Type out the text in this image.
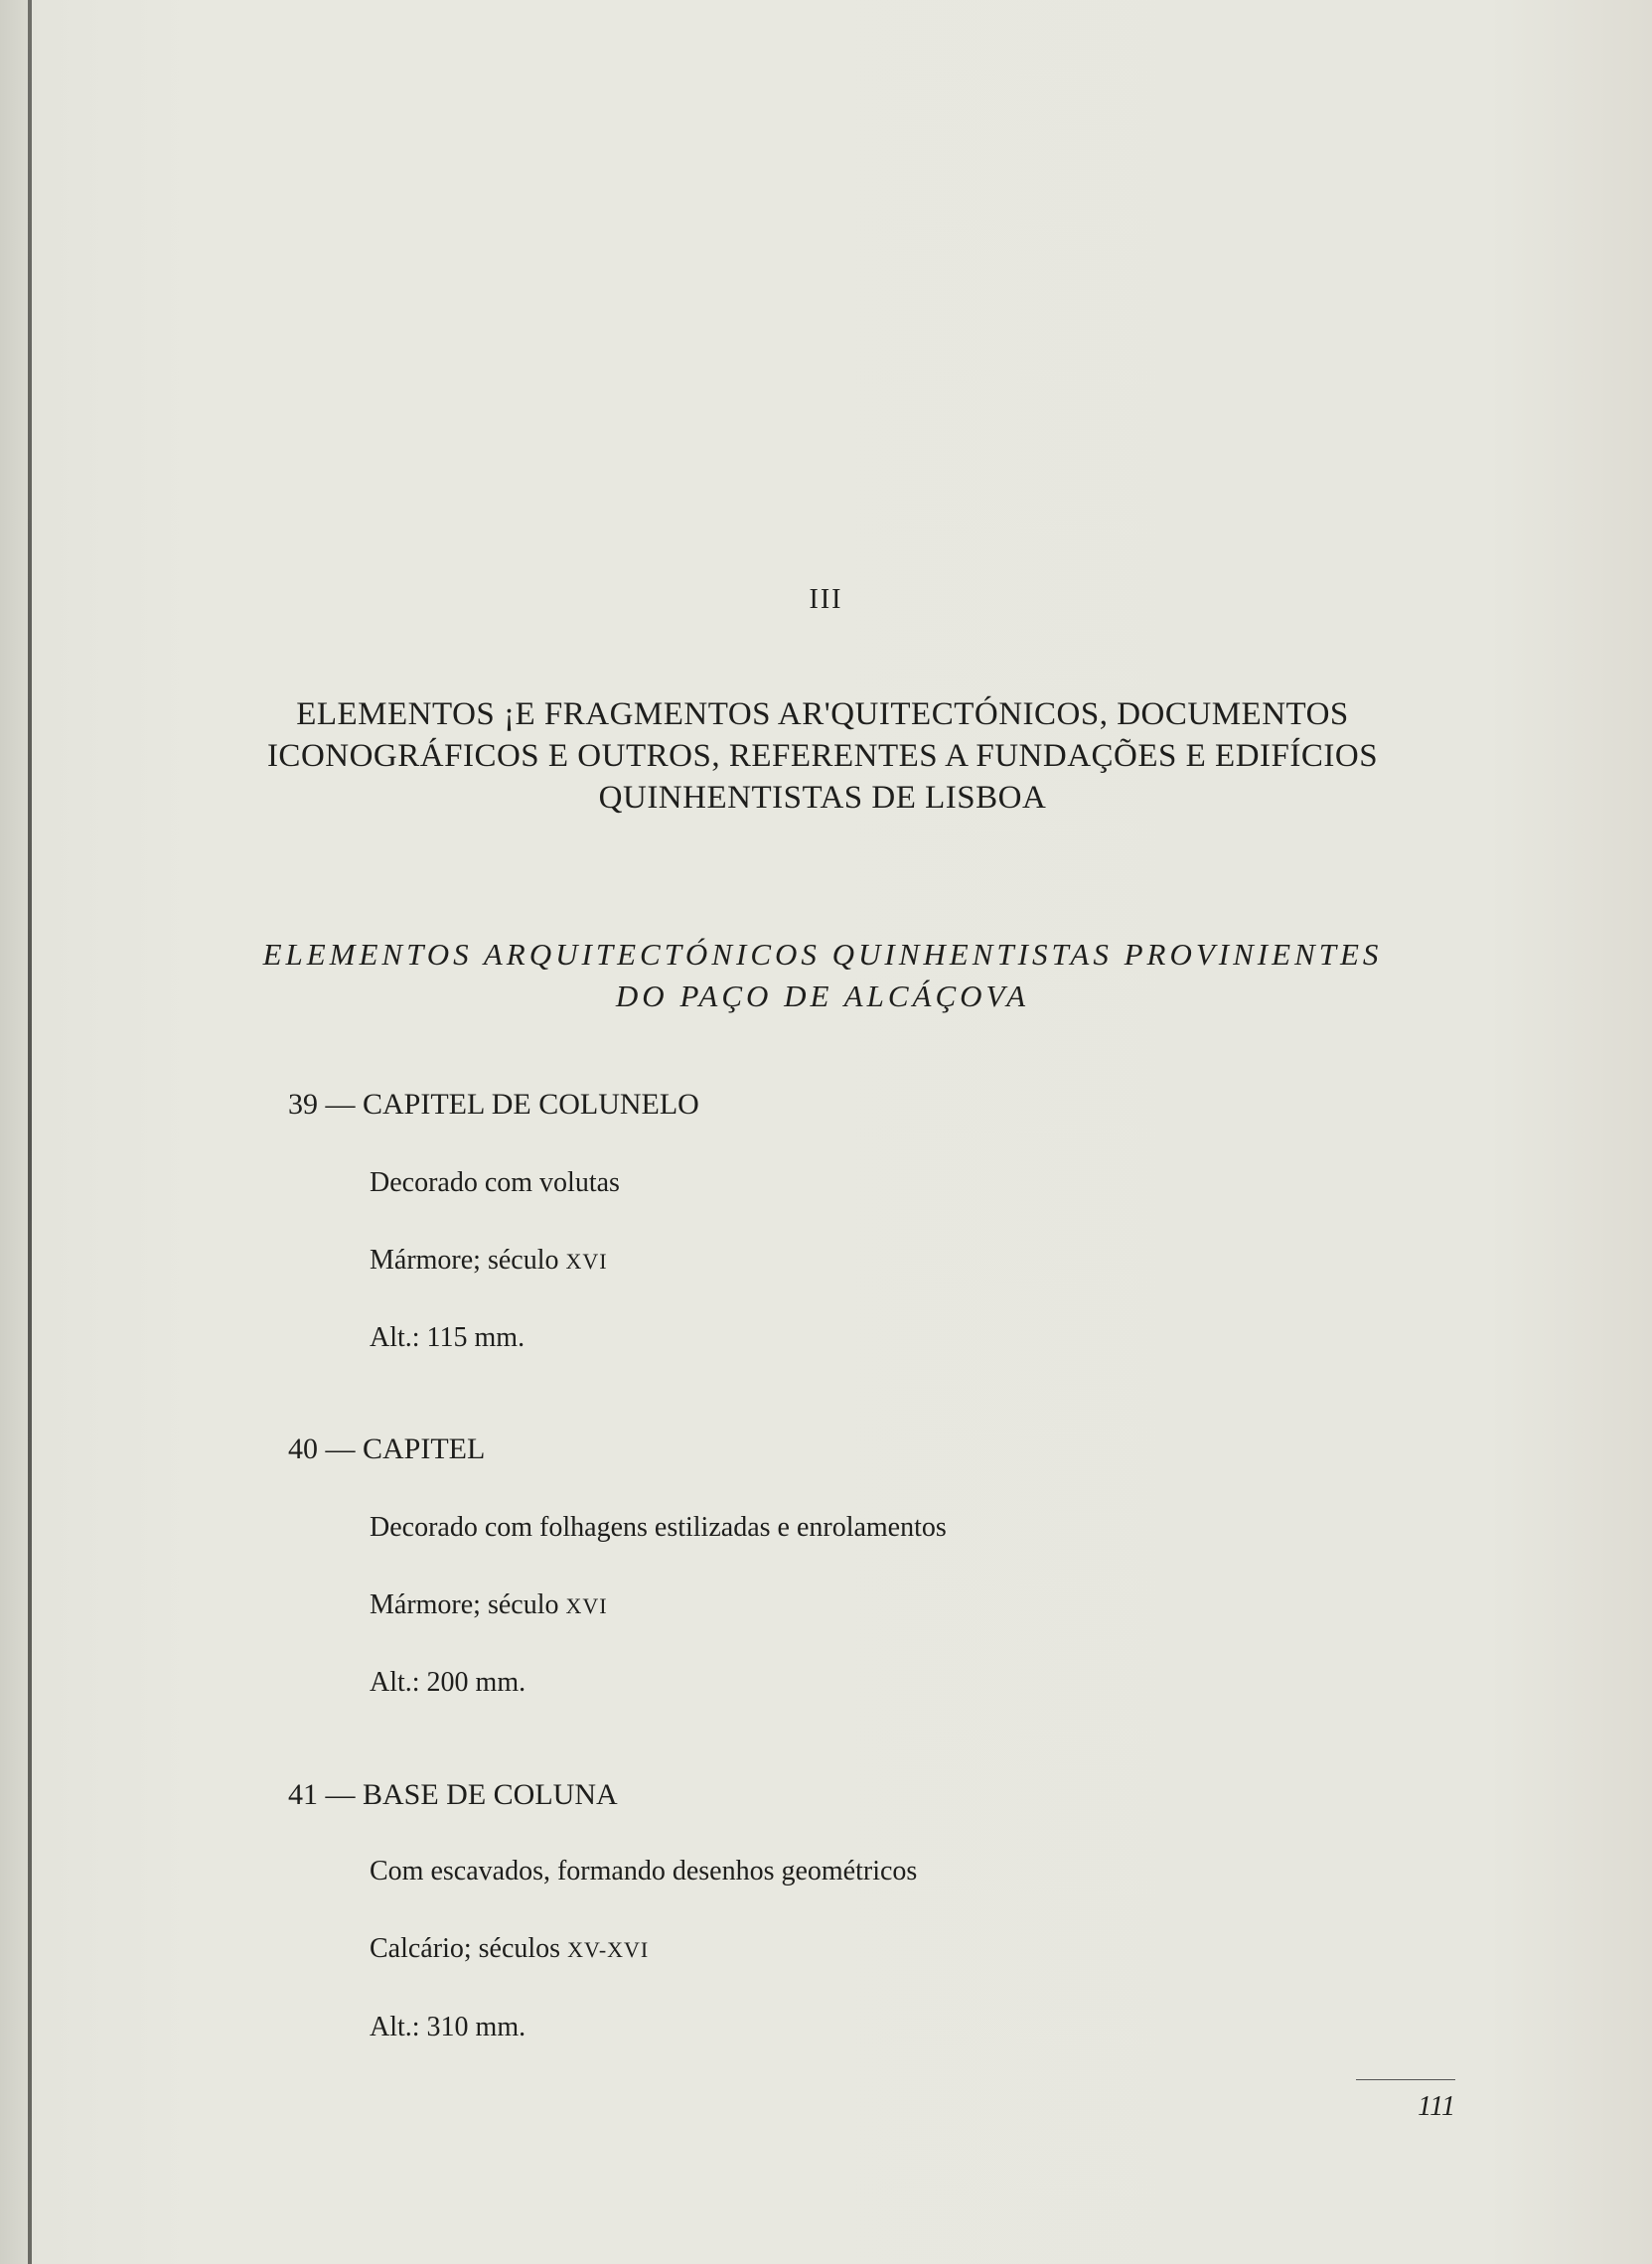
III
ELEMENTOS ¡E FRAGMENTOS AR'QUITECTÓNICOS, DOCUMENTOS
ICONOGRÁFICOS E OUTROS, REFERENTES A FUNDAÇÕES E EDIFÍCIOS
QUINHENTISTAS DE LISBOA
ELEMENTOS ARQUITECTÓNICOS QUINHENTISTAS PROVINIENTES
DO PAÇO DE ALCÁÇOVA
39 — CAPITEL DE COLUNELO
Decorado com volutas
Mármore; século XVI
Alt.: 115 mm.
40 — CAPITEL
Decorado com folhagens estilizadas e enrolamentos
Mármore; século XVI
Alt.: 200 mm.
41 — BASE DE COLUNA
Com escavados, formando desenhos geométricos
Calcário; séculos XV-XVI
Alt.: 310 mm.
111
